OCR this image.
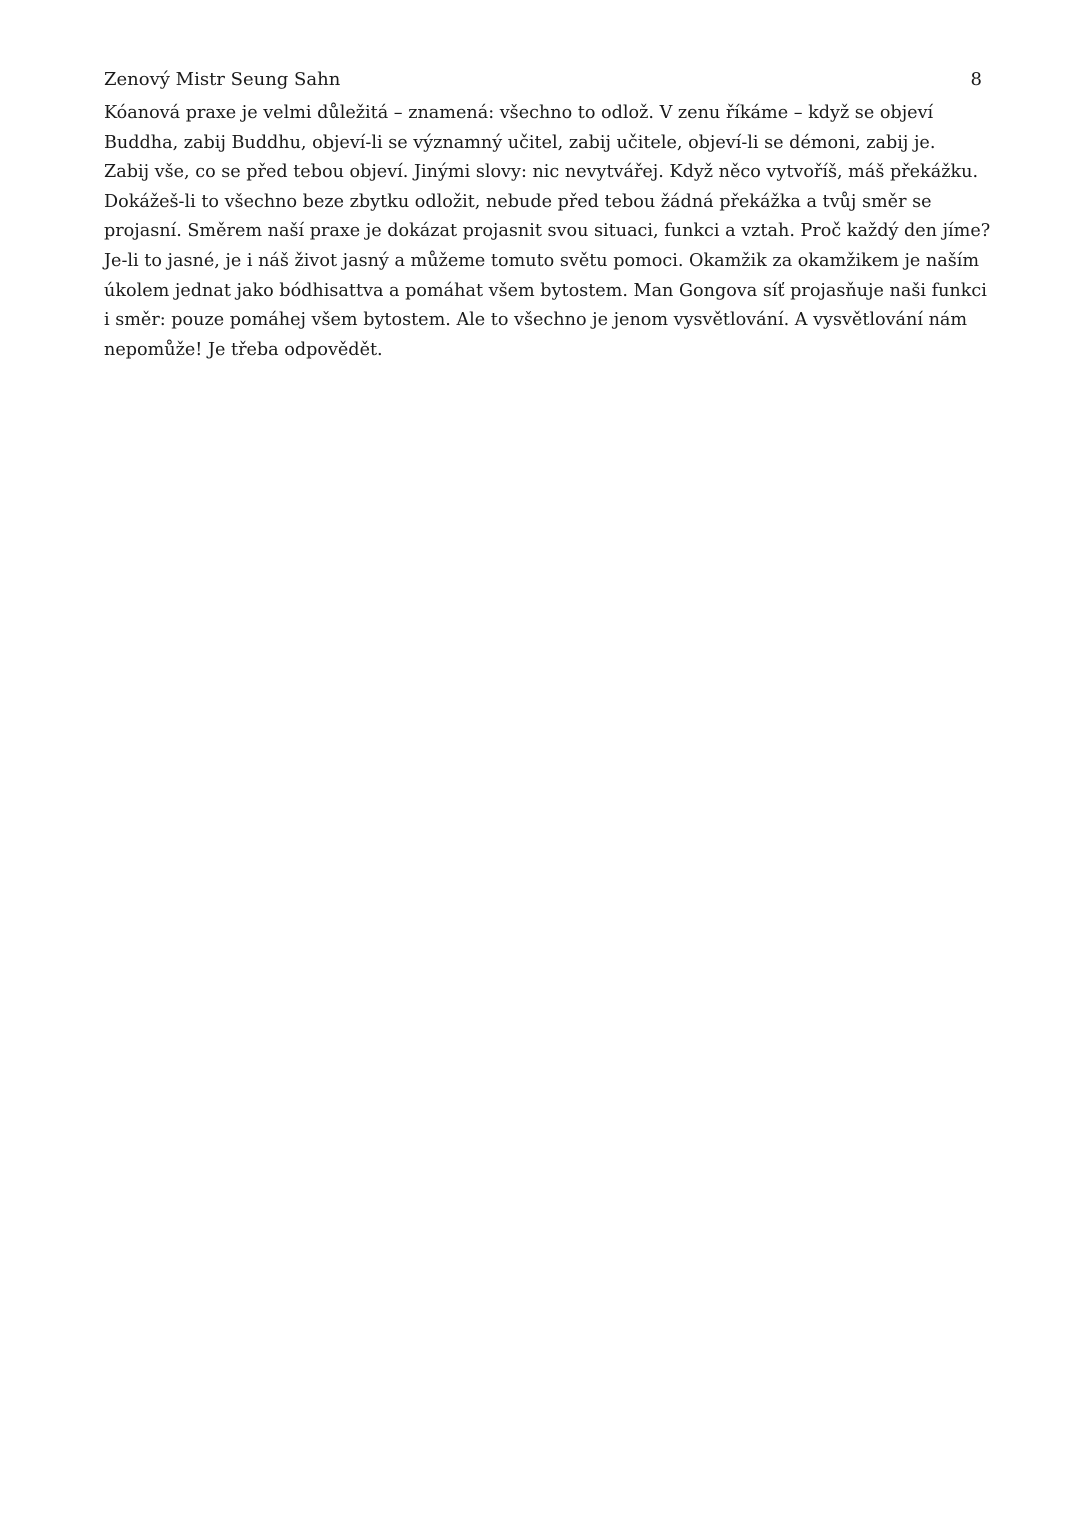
Zenový Mistr Seung Sahn	8

Kóanová praxe je velmi důležitá – znamená: všechno to odlož. V zenu říkáme – když se objeví
Buddha, zabij Buddhu, objeví-li se významný učitel, zabij učitele, objeví-li se démoni, zabij je.
Zabij vše, co se před tebou objeví. Jinými slovy: nic nevytvářej. Když něco vytvoříš, máš překážku.
Dokážeš-li to všechno beze zbytku odložit, nebude před tebou žádná překážka a tvůj směr se
projasní. Směrem naší praxe je dokázat projasnit svou situaci, funkci a vztah. Proč každý den jíme?
Je-li to jasné, je i náš život jasný a můžeme tomuto světu pomoci. Okamžik za okamžikem je naším
úkolem jednat jako bódhisattva a pomáhat všem bytostem. Man Gongova síť projasňuje naši funkci
i směr: pouze pomáhej všem bytostem. Ale to všechno je jenom vysvětlování. A vysvětlování nám
nepomůže! Je třeba odpovědět.
